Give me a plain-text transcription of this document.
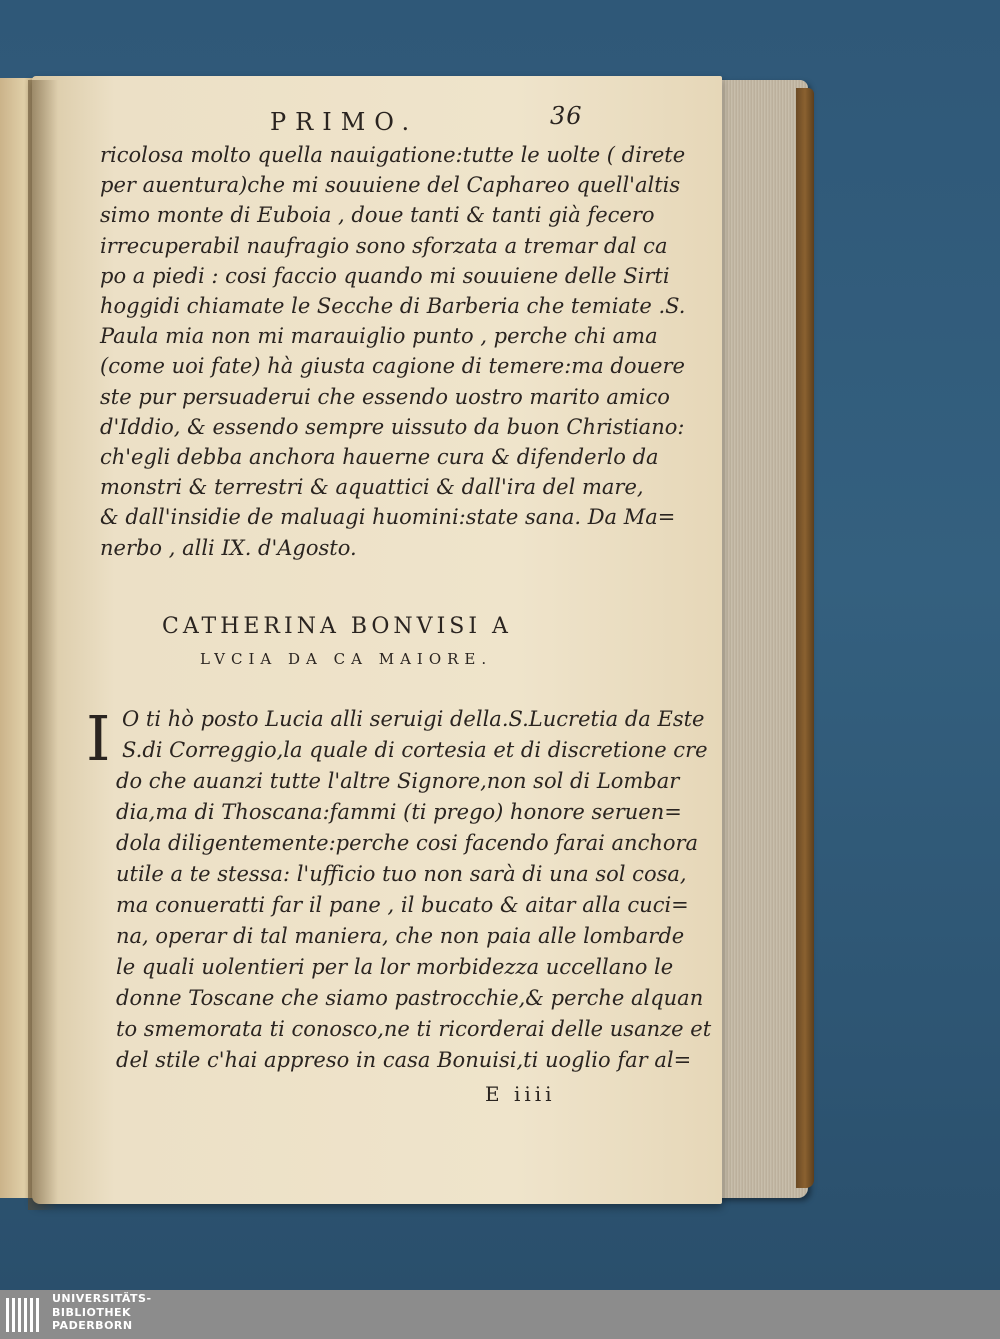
PRIMO.	36
ricolosa molto quella nauigatione:tutte le uolte ( direte
per auentura)che mi souuiene del Caphareo quell'altis
simo monte di Euboia , doue tanti & tanti già fecero
irrecuperabil naufragio sono sforzata a tremar dal ca
po a piedi : cosi faccio quando mi souuiene delle Sirti
hoggidi chiamate le Secche di Barberia che temiate .S.
Paula mia non mi marauiglio punto , perche chi ama
(come uoi fate) hà giusta cagione di temere:ma douere
ste pur persuaderui che essendo uostro marito amico
d'Iddio, & essendo sempre uissuto da buon Christiano:
ch'egli debba anchora hauerne cura & difenderlo da
monstri & terrestri & aquattici & dall'ira del mare,
& dall'insidie de maluagi huomini:state sana. Da Ma=
nerbo , alli IX. d'Agosto.
CATHERINA BONVISI A
LVCIA DA CA MAIORE.
I O ti hò posto Lucia alli seruigi della.S.Lucretia da Este
S.di Correggio,la quale di cortesia et di discretione cre
do che auanzi tutte l'altre Signore,non sol di Lombar
dia,ma di Thoscana:fammi (ti prego) honore seruen=
dola diligentemente:perche cosi facendo farai anchora
utile a te stessa: l'ufficio tuo non sarà di una sol cosa,
ma conueratti far il pane , il bucato & aitar alla cuci=
na, operar di tal maniera, che non paia alle lombarde
le quali uolentieri per la lor morbidezza uccellano le
donne Toscane che siamo pastrocchie,& perche alquan
to smemorata ti conosco,ne ti ricorderai delle usanze et
del stile c'hai appreso in casa Bonuisi,ti uoglio far al=
E iiii
UNIVERSITÄTS-
BIBLIOTHEK
PADERBORN
